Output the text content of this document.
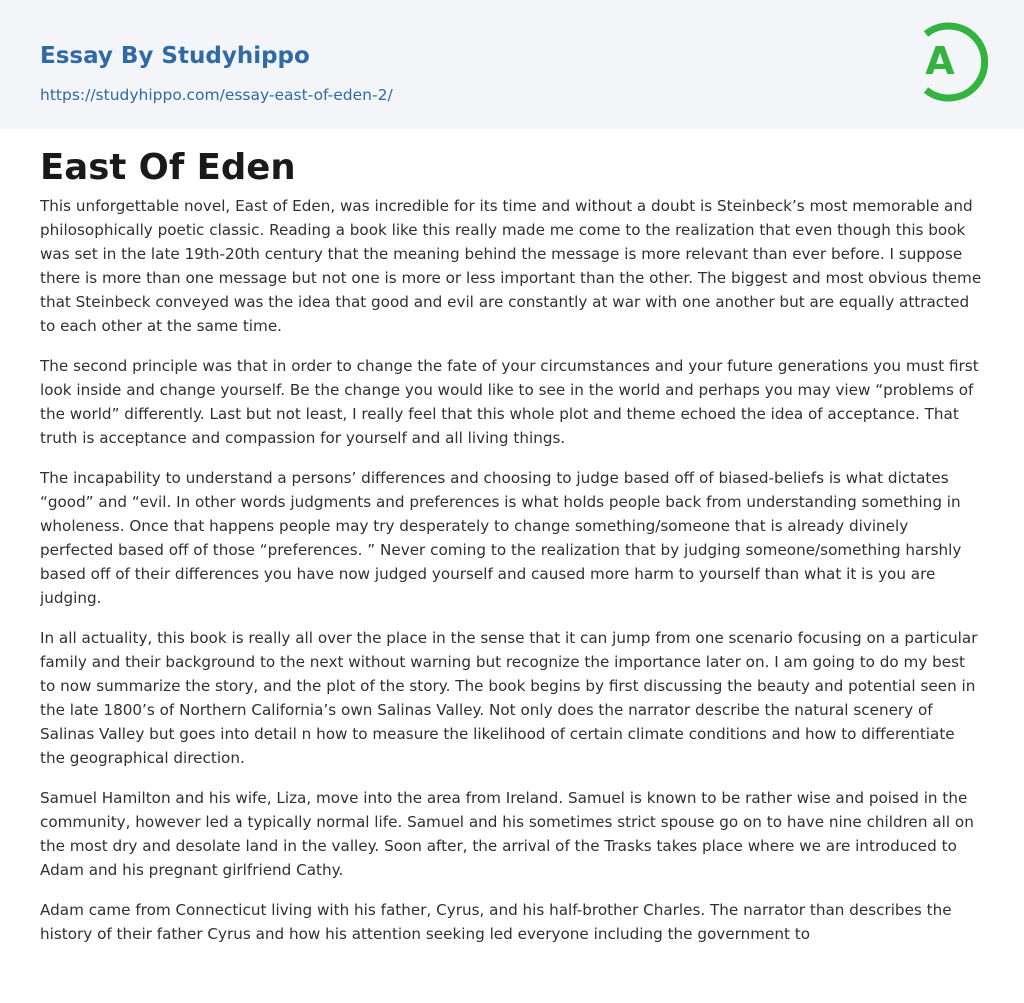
Essay By Studyhippo
https://studyhippo.com/essay-east-of-eden-2/
A
East Of Eden

This unforgettable novel, East of Eden, was incredible for its time and without a doubt is Steinbeck’s most memorable and philosophically poetic classic. Reading a book like this really made me come to the realization that even though this book was set in the late 19th-20th century that the meaning behind the message is more relevant than ever before. I suppose there is more than one message but not one is more or less important than the other. The biggest and most obvious theme that Steinbeck conveyed was the idea that good and evil are constantly at war with one another but are equally attracted to each other at the same time.

The second principle was that in order to change the fate of your circumstances and your future generations you must first look inside and change yourself. Be the change you would like to see in the world and perhaps you may view “problems of the world” differently. Last but not least, I really feel that this whole plot and theme echoed the idea of acceptance. That truth is acceptance and compassion for yourself and all living things.

The incapability to understand a persons’ differences and choosing to judge based off of biased-beliefs is what dictates “good” and “evil. In other words judgments and preferences is what holds people back from understanding something in wholeness. Once that happens people may try desperately to change something/someone that is already divinely perfected based off of those “preferences. ” Never coming to the realization that by judging someone/something harshly based off of their differences you have now judged yourself and caused more harm to yourself than what it is you are judging.

In all actuality, this book is really all over the place in the sense that it can jump from one scenario focusing on a particular family and their background to the next without warning but recognize the importance later on. I am going to do my best to now summarize the story, and the plot of the story. The book begins by first discussing the beauty and potential seen in the late 1800’s of Northern California’s own Salinas Valley. Not only does the narrator describe the natural scenery of Salinas Valley but goes into detail n how to measure the likelihood of certain climate conditions and how to differentiate the geographical direction.

Samuel Hamilton and his wife, Liza, move into the area from Ireland. Samuel is known to be rather wise and poised in the community, however led a typically normal life. Samuel and his sometimes strict spouse go on to have nine children all on the most dry and desolate land in the valley. Soon after, the arrival of the Trasks takes place where we are introduced to Adam and his pregnant girlfriend Cathy.

Adam came from Connecticut living with his father, Cyrus, and his half-brother Charles. The narrator than describes the history of their father Cyrus and how his attention seeking led everyone including the government to
